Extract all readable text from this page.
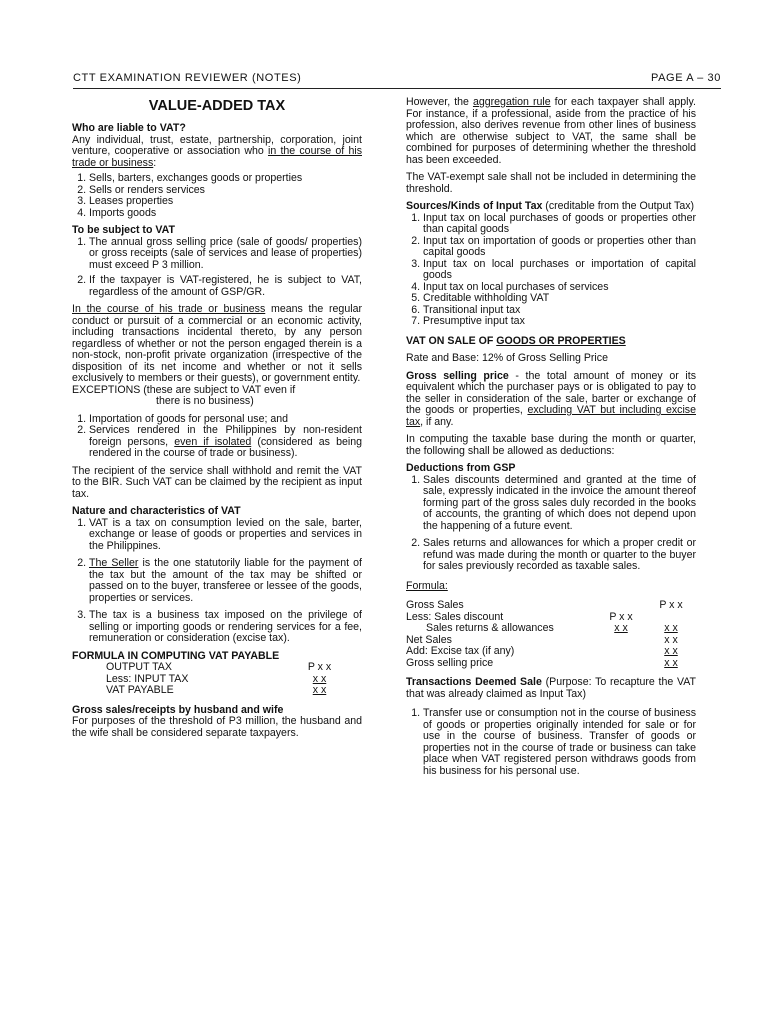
CTT EXAMINATION REVIEWER (NOTES)	PAGE A – 30

VALUE-ADDED TAX

Who are liable to VAT?

Any individual, trust, estate, partnership, corporation, joint venture, cooperative or association who in the course of his trade or business:

1. Sells, barters, exchanges goods or properties
2. Sells or renders services
3. Leases properties
4. Imports goods

To be subject to VAT

1. The annual gross selling price (sale of goods/ properties) or gross receipts (sale of services and lease of properties) must exceed P 3 million.
2. If the taxpayer is VAT-registered, he is subject to VAT, regardless of the amount of GSP/GR.

In the course of his trade or business means the regular conduct or pursuit of a commercial or an economic activity, including transactions incidental thereto, by any person regardless of whether or not the person engaged therein is a non-stock, non-profit private organization (irrespective of the disposition of its net income and whether or not it sells exclusively to members or their guests), or government entity.

EXCEPTIONS (these are subject to VAT even if

there is no business)

1. Importation of goods for personal use; and
2. Services rendered in the Philippines by non-resident foreign persons, even if isolated (considered as being rendered in the course of trade or business).

The recipient of the service shall withhold and remit the VAT to the BIR. Such VAT can be claimed by the recipient as input tax.

Nature and characteristics of VAT

1. VAT is a tax on consumption levied on the sale, barter, exchange or lease of goods or properties and services in the Philippines.
2. The Seller is the one statutorily liable for the payment of the tax but the amount of the tax may be shifted or passed on to the buyer, transferee or lessee of the goods, properties or services.
3. The tax is a business tax imposed on the privilege of selling or importing goods or rendering services for a fee, remuneration or consideration (excise tax).

FORMULA IN COMPUTING VAT PAYABLE

OUTPUT TAX	P x x
Less: INPUT TAX	x x
VAT PAYABLE	x x

Gross sales/receipts by husband and wife

For purposes of the threshold of P3 million, the husband and the wife shall be considered separate taxpayers.

However, the aggregation rule for each taxpayer shall apply. For instance, if a professional, aside from the practice of his profession, also derives revenue from other lines of business which are otherwise subject to VAT, the same shall be combined for purposes of determining whether the threshold has been exceeded.

The VAT-exempt sale shall not be included in determining the threshold.

Sources/Kinds of Input Tax (creditable from the Output Tax)

1. Input tax on local purchases of goods or properties other than capital goods
2. Input tax on importation of goods or properties other than capital goods
3. Input tax on local purchases or importation of capital goods
4. Input tax on local purchases of services
5. Creditable withholding VAT
6. Transitional input tax
7. Presumptive input tax

VAT ON SALE OF GOODS OR PROPERTIES

Rate and Base: 12% of Gross Selling Price

Gross selling price - the total amount of money or its equivalent which the purchaser pays or is obligated to pay to the seller in consideration of the sale, barter or exchange of the goods or properties, excluding VAT but including excise tax, if any.

In computing the taxable base during the month or quarter, the following shall be allowed as deductions:

Deductions from GSP

1. Sales discounts determined and granted at the time of sale, expressly indicated in the invoice the amount thereof forming part of the gross sales duly recorded in the books of accounts, the granting of which does not depend upon the happening of a future event.
2. Sales returns and allowances for which a proper credit or refund was made during the month or quarter to the buyer for sales previously recorded as taxable sales.

Formula:

Gross Sales		P x x
Less: Sales discount	P x x	
Sales returns & allowances	x x	x x
Net Sales		x x
Add: Excise tax (if any)		x x
Gross selling price		x x

Transactions Deemed Sale (Purpose: To recapture the VAT that was already claimed as Input Tax)

1. Transfer use or consumption not in the course of business of goods or properties originally intended for sale or for use in the course of business. Transfer of goods or properties not in the course of trade or business can take place when VAT registered person withdraws goods from his business for his personal use.
